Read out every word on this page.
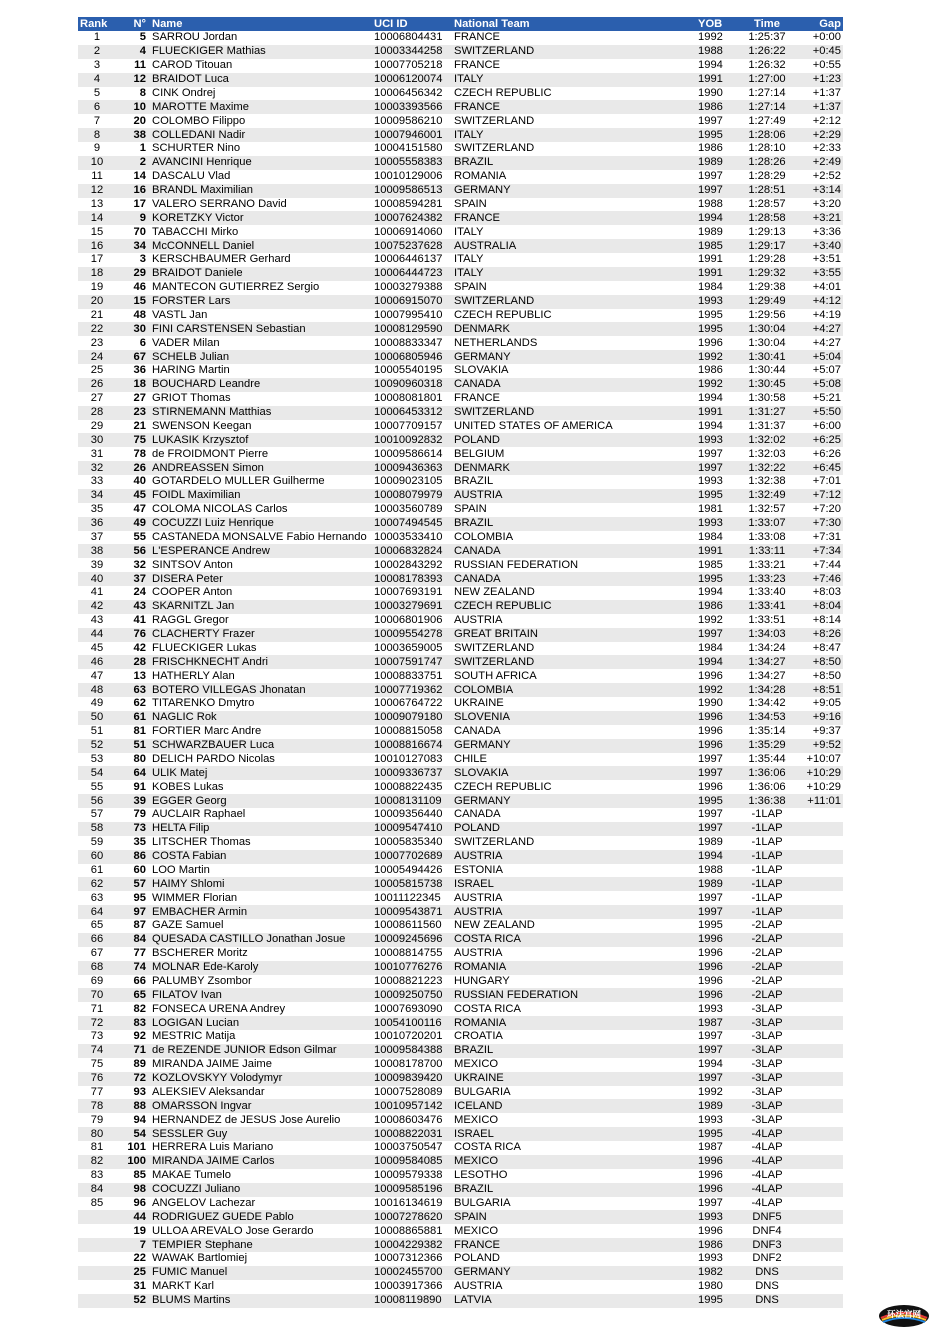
Rank	N°	Name	UCI ID	National Team	YOB	Time	Gap
1	5	SARROU Jordan	10006804431	FRANCE	1992	1:25:37	+0:00
2	4	FLUECKIGER Mathias	10003344258	SWITZERLAND	1988	1:26:22	+0:45
3	11	CAROD Titouan	10007705218	FRANCE	1994	1:26:32	+0:55
4	12	BRAIDOT Luca	10006120074	ITALY	1991	1:27:00	+1:23
5	8	CINK Ondrej	10006456342	CZECH REPUBLIC	1990	1:27:14	+1:37
6	10	MAROTTE Maxime	10003393566	FRANCE	1986	1:27:14	+1:37
7	20	COLOMBO Filippo	10009586210	SWITZERLAND	1997	1:27:49	+2:12
8	38	COLLEDANI Nadir	10007946001	ITALY	1995	1:28:06	+2:29
9	1	SCHURTER Nino	10004151580	SWITZERLAND	1986	1:28:10	+2:33
10	2	AVANCINI Henrique	10005558383	BRAZIL	1989	1:28:26	+2:49
11	14	DASCALU Vlad	10010129006	ROMANIA	1997	1:28:29	+2:52
12	16	BRANDL Maximilian	10009586513	GERMANY	1997	1:28:51	+3:14
13	17	VALERO SERRANO David	10008594281	SPAIN	1988	1:28:57	+3:20
14	9	KORETZKY Victor	10007624382	FRANCE	1994	1:28:58	+3:21
15	70	TABACCHI Mirko	10006914060	ITALY	1989	1:29:13	+3:36
16	34	McCONNELL Daniel	10075237628	AUSTRALIA	1985	1:29:17	+3:40
17	3	KERSCHBAUMER Gerhard	10006446137	ITALY	1991	1:29:28	+3:51
18	29	BRAIDOT Daniele	10006444723	ITALY	1991	1:29:32	+3:55
19	46	MANTECON GUTIERREZ Sergio	10003279388	SPAIN	1984	1:29:38	+4:01
20	15	FORSTER Lars	10006915070	SWITZERLAND	1993	1:29:49	+4:12
21	48	VASTL Jan	10007995410	CZECH REPUBLIC	1995	1:29:56	+4:19
22	30	FINI CARSTENSEN Sebastian	10008129590	DENMARK	1995	1:30:04	+4:27
23	6	VADER Milan	10008833347	NETHERLANDS	1996	1:30:04	+4:27
24	67	SCHELB Julian	10006805946	GERMANY	1992	1:30:41	+5:04
25	36	HARING Martin	10005540195	SLOVAKIA	1986	1:30:44	+5:07
26	18	BOUCHARD Leandre	10090960318	CANADA	1992	1:30:45	+5:08
27	27	GRIOT Thomas	10008081801	FRANCE	1994	1:30:58	+5:21
28	23	STIRNEMANN Matthias	10006453312	SWITZERLAND	1991	1:31:27	+5:50
29	21	SWENSON Keegan	10007709157	UNITED STATES OF AMERICA	1994	1:31:37	+6:00
30	75	LUKASIK Krzysztof	10010092832	POLAND	1993	1:32:02	+6:25
31	78	de FROIDMONT Pierre	10009586614	BELGIUM	1997	1:32:03	+6:26
32	26	ANDREASSEN Simon	10009436363	DENMARK	1997	1:32:22	+6:45
33	40	GOTARDELO MULLER Guilherme	10009023105	BRAZIL	1993	1:32:38	+7:01
34	45	FOIDL Maximilian	10008079979	AUSTRIA	1995	1:32:49	+7:12
35	47	COLOMA NICOLAS Carlos	10003560789	SPAIN	1981	1:32:57	+7:20
36	49	COCUZZI Luiz Henrique	10007494545	BRAZIL	1993	1:33:07	+7:30
37	55	CASTANEDA MONSALVE Fabio Hernando	10003533410	COLOMBIA	1984	1:33:08	+7:31
38	56	L'ESPERANCE Andrew	10006832824	CANADA	1991	1:33:11	+7:34
39	32	SINTSOV Anton	10002843292	RUSSIAN FEDERATION	1985	1:33:21	+7:44
40	37	DISERA Peter	10008178393	CANADA	1995	1:33:23	+7:46
41	24	COOPER Anton	10007693191	NEW ZEALAND	1994	1:33:40	+8:03
42	43	SKARNITZL Jan	10003279691	CZECH REPUBLIC	1986	1:33:41	+8:04
43	41	RAGGL Gregor	10006801906	AUSTRIA	1992	1:33:51	+8:14
44	76	CLACHERTY Frazer	10009554278	GREAT BRITAIN	1997	1:34:03	+8:26
45	42	FLUECKIGER Lukas	10003659005	SWITZERLAND	1984	1:34:24	+8:47
46	28	FRISCHKNECHT Andri	10007591747	SWITZERLAND	1994	1:34:27	+8:50
47	13	HATHERLY Alan	10008833751	SOUTH AFRICA	1996	1:34:27	+8:50
48	63	BOTERO VILLEGAS Jhonatan	10007719362	COLOMBIA	1992	1:34:28	+8:51
49	62	TITARENKO Dmytro	10006764722	UKRAINE	1990	1:34:42	+9:05
50	61	NAGLIC Rok	10009079180	SLOVENIA	1996	1:34:53	+9:16
51	81	FORTIER Marc Andre	10008815058	CANADA	1996	1:35:14	+9:37
52	51	SCHWARZBAUER Luca	10008816674	GERMANY	1996	1:35:29	+9:52
53	80	DELICH PARDO Nicolas	10010127083	CHILE	1997	1:35:44	+10:07
54	64	ULIK Matej	10009336737	SLOVAKIA	1997	1:36:06	+10:29
55	91	KOBES Lukas	10008822435	CZECH REPUBLIC	1996	1:36:06	+10:29
56	39	EGGER Georg	10008131109	GERMANY	1995	1:36:38	+11:01
57	79	AUCLAIR Raphael	10009356440	CANADA	1997	-1LAP	
58	73	HELTA Filip	10009547410	POLAND	1997	-1LAP	
59	35	LITSCHER Thomas	10005835340	SWITZERLAND	1989	-1LAP	
60	86	COSTA Fabian	10007702689	AUSTRIA	1994	-1LAP	
61	60	LOO Martin	10005494426	ESTONIA	1988	-1LAP	
62	57	HAIMY Shlomi	10005815738	ISRAEL	1989	-1LAP	
63	95	WIMMER Florian	10011122345	AUSTRIA	1997	-1LAP	
64	97	EMBACHER Armin	10009543871	AUSTRIA	1997	-1LAP	
65	87	GAZE Samuel	10008611560	NEW ZEALAND	1995	-2LAP	
66	84	QUESADA CASTILLO Jonathan Josue	10009245696	COSTA RICA	1996	-2LAP	
67	77	BSCHERER Moritz	10008814755	AUSTRIA	1996	-2LAP	
68	74	MOLNAR Ede-Karoly	10010776276	ROMANIA	1996	-2LAP	
69	66	PALUMBY Zsombor	10008821223	HUNGARY	1996	-2LAP	
70	65	FILATOV Ivan	10009250750	RUSSIAN FEDERATION	1996	-2LAP	
71	82	FONSECA URENA Andrey	10007693090	COSTA RICA	1993	-3LAP	
72	83	LOGIGAN Lucian	10054100116	ROMANIA	1987	-3LAP	
73	92	MESTRIC Matija	10010720201	CROATIA	1997	-3LAP	
74	71	de REZENDE JUNIOR Edson Gilmar	10009584388	BRAZIL	1997	-3LAP	
75	89	MIRANDA JAIME Jaime	10008178700	MEXICO	1994	-3LAP	
76	72	KOZLOVSKYY Volodymyr	10009839420	UKRAINE	1997	-3LAP	
77	93	ALEKSIEV Aleksandar	10007528089	BULGARIA	1992	-3LAP	
78	88	OMARSSON Ingvar	10010957142	ICELAND	1989	-3LAP	
79	94	HERNANDEZ de JESUS Jose Aurelio	10008603476	MEXICO	1993	-3LAP	
80	54	SESSLER Guy	10008822031	ISRAEL	1995	-4LAP	
81	101	HERRERA Luis Mariano	10003750547	COSTA RICA	1987	-4LAP	
82	100	MIRANDA JAIME Carlos	10009584085	MEXICO	1996	-4LAP	
83	85	MAKAE Tumelo	10009579338	LESOTHO	1996	-4LAP	
84	98	COCUZZI Juliano	10009585196	BRAZIL	1996	-4LAP	
85	96	ANGELOV Lachezar	10016134619	BULGARIA	1997	-4LAP	
	44	RODRIGUEZ GUEDE Pablo	10007278620	SPAIN	1993	DNF5	
	19	ULLOA AREVALO Jose Gerardo	10008865881	MEXICO	1996	DNF4	
	7	TEMPIER Stephane	10004229382	FRANCE	1986	DNF3	
	22	WAWAK Bartlomiej	10007312366	POLAND	1993	DNF2	
	25	FUMIC Manuel	10002455700	GERMANY	1982	DNS	
	31	MARKT Karl	10003917366	AUSTRIA	1980	DNS	
	52	BLUMS Martins	10008119890	LATVIA	1995	DNS	
环法宫网
